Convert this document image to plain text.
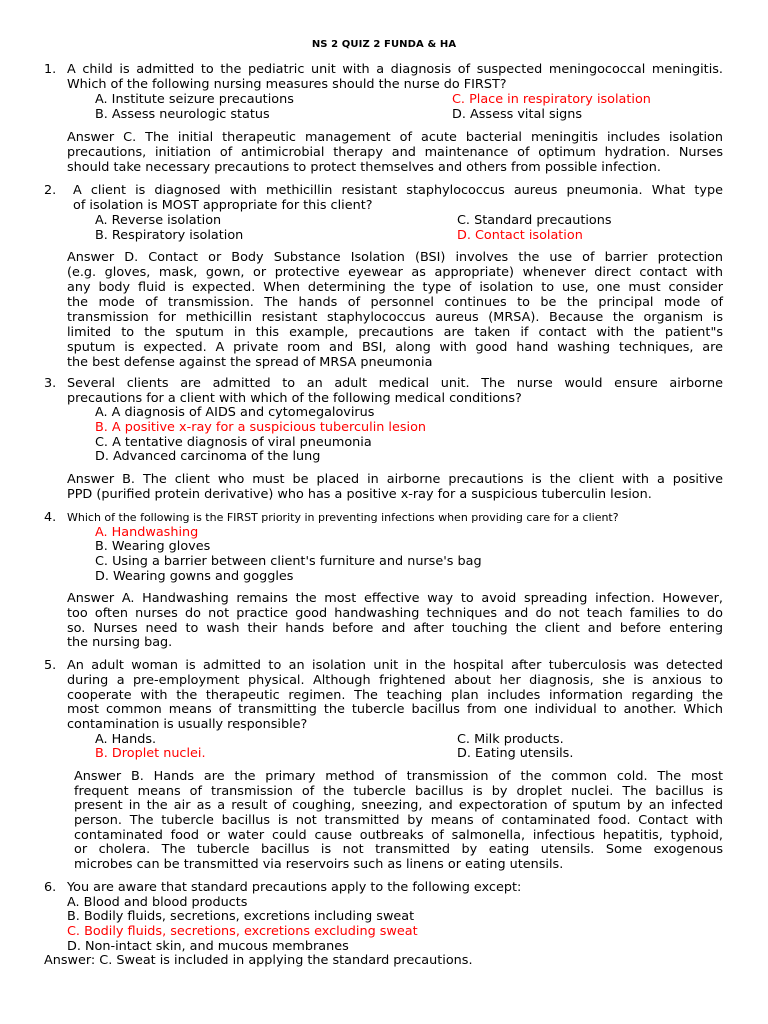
NS 2 QUIZ 2 FUNDA & HA
1. A child is admitted to the pediatric unit with a diagnosis of suspected meningococcal meningitis.
Which of the following nursing measures should the nurse do FIRST?
A. Institute seizure precautions	C. Place in respiratory isolation
B. Assess neurologic status	D. Assess vital signs
Answer C. The initial therapeutic management of acute bacterial meningitis includes isolation
precautions, initiation of antimicrobial therapy and maintenance of optimum hydration. Nurses
should take necessary precautions to protect themselves and others from possible infection.
2. A client is diagnosed with methicillin resistant staphylococcus aureus pneumonia. What type
of isolation is MOST appropriate for this client?
A. Reverse isolation	C. Standard precautions
B. Respiratory isolation	D. Contact isolation
Answer D. Contact or Body Substance Isolation (BSI) involves the use of barrier protection
(e.g. gloves, mask, gown, or protective eyewear as appropriate) whenever direct contact with
any body fluid is expected. When determining the type of isolation to use, one must consider
the mode of transmission. The hands of personnel continues to be the principal mode of
transmission for methicillin resistant staphylococcus aureus (MRSA). Because the organism is
limited to the sputum in this example, precautions are taken if contact with the patient"s
sputum is expected. A private room and BSI, along with good hand washing techniques, are
the best defense against the spread of MRSA pneumonia
3. Several clients are admitted to an adult medical unit. The nurse would ensure airborne
precautions for a client with which of the following medical conditions?
A. A diagnosis of AIDS and cytomegalovirus
B. A positive x-ray for a suspicious tuberculin lesion
C. A tentative diagnosis of viral pneumonia
D. Advanced carcinoma of the lung
Answer B. The client who must be placed in airborne precautions is the client with a positive
PPD (purified protein derivative) who has a positive x-ray for a suspicious tuberculin lesion.
4. Which of the following is the FIRST priority in preventing infections when providing care for a client?
A. Handwashing
B. Wearing gloves
C. Using a barrier between client's furniture and nurse's bag
D. Wearing gowns and goggles
Answer A. Handwashing remains the most effective way to avoid spreading infection. However,
too often nurses do not practice good handwashing techniques and do not teach families to do
so. Nurses need to wash their hands before and after touching the client and before entering
the nursing bag.
5. An adult woman is admitted to an isolation unit in the hospital after tuberculosis was detected
during a pre-employment physical. Although frightened about her diagnosis, she is anxious to
cooperate with the therapeutic regimen. The teaching plan includes information regarding the
most common means of transmitting the tubercle bacillus from one individual to another. Which
contamination is usually responsible?
A. Hands.	C. Milk products.
B. Droplet nuclei.	D. Eating utensils.
Answer B. Hands are the primary method of transmission of the common cold. The most
frequent means of transmission of the tubercle bacillus is by droplet nuclei. The bacillus is
present in the air as a result of coughing, sneezing, and expectoration of sputum by an infected
person. The tubercle bacillus is not transmitted by means of contaminated food. Contact with
contaminated food or water could cause outbreaks of salmonella, infectious hepatitis, typhoid,
or cholera. The tubercle bacillus is not transmitted by eating utensils. Some exogenous
microbes can be transmitted via reservoirs such as linens or eating utensils.
6. You are aware that standard precautions apply to the following except:
A. Blood and blood products
B. Bodily fluids, secretions, excretions including sweat
C. Bodily fluids, secretions, excretions excluding sweat
D. Non-intact skin, and mucous membranes
Answer: C. Sweat is included in applying the standard precautions.
